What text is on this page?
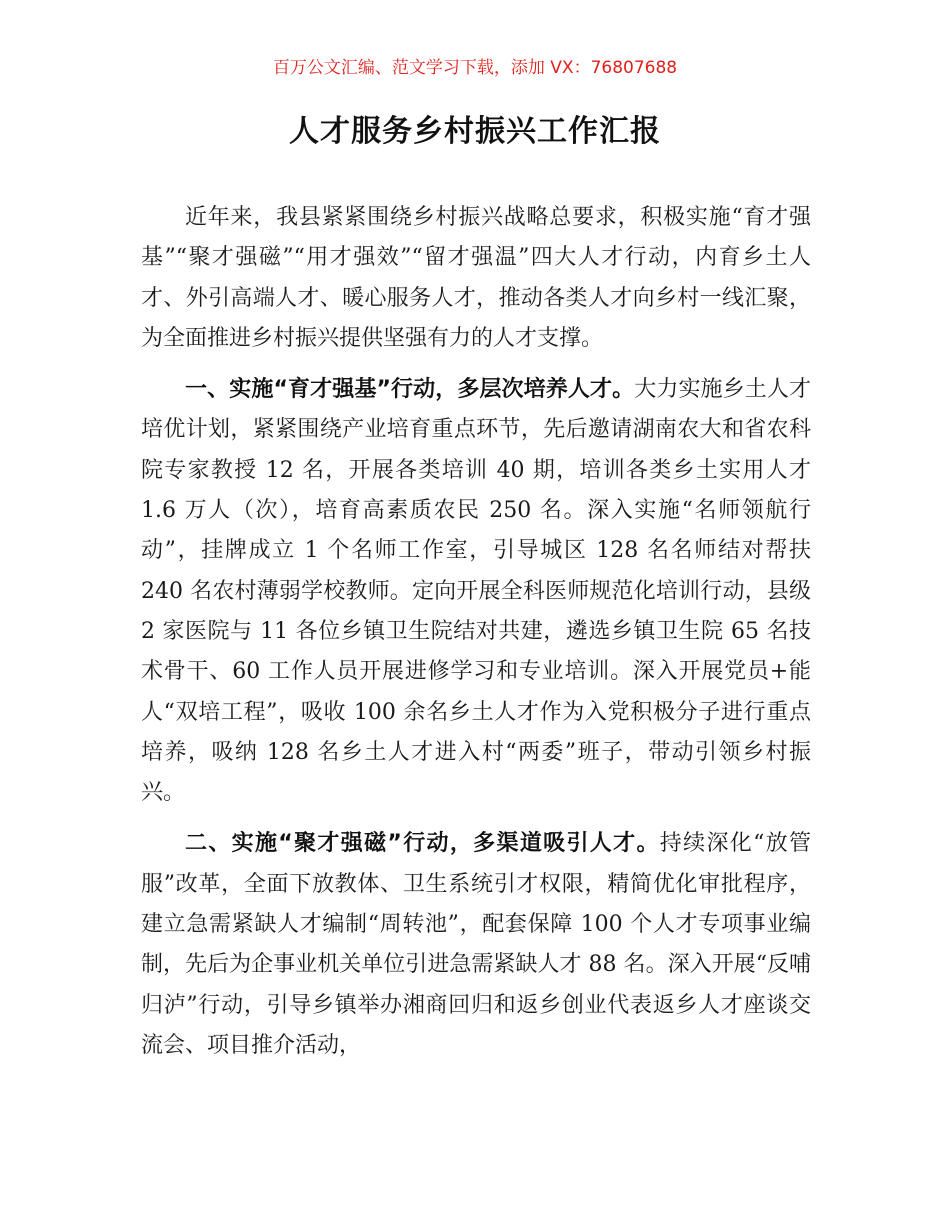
百万公文汇编、范文学习下载，添加 VX：76807688
人才服务乡村振兴工作汇报

近年来，我县紧紧围绕乡村振兴战略总要求，积极实施“育才强基”“聚才强磁”“用才强效”“留才强温”四大人才行动，内育乡土人才、外引高端人才、暖心服务人才，推动各类人才向乡村一线汇聚，为全面推进乡村振兴提供坚强有力的人才支撑。

一、实施“育才强基”行动，多层次培养人才。大力实施乡土人才培优计划，紧紧围绕产业培育重点环节，先后邀请湖南农大和省农科院专家教授 12 名，开展各类培训 40 期，培训各类乡土实用人才 1.6 万人（次），培育高素质农民 250 名。深入实施“名师领航行动”，挂牌成立 1 个名师工作室，引导城区 128 名名师结对帮扶 240 名农村薄弱学校教师。定向开展全科医师规范化培训行动，县级 2 家医院与 11 各位乡镇卫生院结对共建，遴选乡镇卫生院 65 名技术骨干、60 工作人员开展进修学习和专业培训。深入开展党员+能人“双培工程”，吸收 100 余名乡土人才作为入党积极分子进行重点培养，吸纳 128 名乡土人才进入村“两委”班子，带动引领乡村振兴。

二、实施“聚才强磁”行动，多渠道吸引人才。持续深化“放管服”改革，全面下放教体、卫生系统引才权限，精简优化审批程序，建立急需紧缺人才编制“周转池”，配套保障 100 个人才专项事业编制，先后为企事业机关单位引进急需紧缺人才 88 名。深入开展“反哺归泸”行动，引导乡镇举办湘商回归和返乡创业代表返乡人才座谈交流会、项目推介活动，
